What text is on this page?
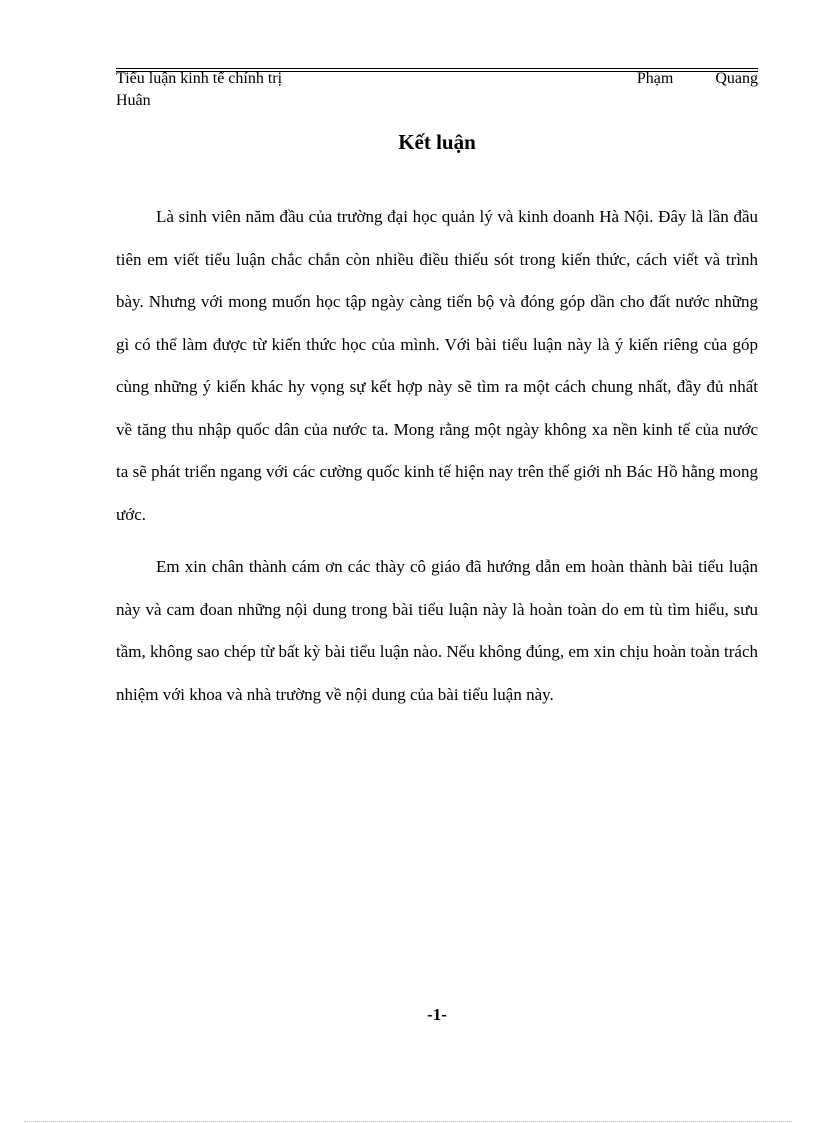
Tiểu luận kinh tế chính trị	Phạm Quang
Huân
Kết luận

Là sinh viên năm đầu của trường đại học quản lý và kinh doanh Hà Nội. Đây là lần đầu tiên em viết tiểu luận chắc chắn còn nhiều điều thiếu sót trong kiến thức, cách viết và trình bày. Nhưng với mong muốn học tập ngày càng tiến bộ và đóng góp dần cho đất nước những gì có thể làm được từ kiến thức học của mình. Với bài tiểu luận này là ý kiến riêng của góp cùng những ý kiến khác hy vọng sự kết hợp này sẽ tìm ra một cách chung nhất, đầy đủ nhất về tăng thu nhập quốc dân của nước ta. Mong rằng một ngày không xa nền kinh tế của nước ta sẽ phát triển ngang với các cường quốc kinh tế hiện nay trên thế giới nh Bác Hồ hằng mong ước.

Em xin chân thành cám ơn các thày cô giáo đã hướng dẫn em hoàn thành bài tiểu luận này và cam đoan những nội dung trong bài tiểu luận này là hoàn toàn do em tù tìm hiểu, sưu tầm, không sao chép từ bất kỳ bài tiểu luận nào. Nếu không đúng, em xin chịu hoàn toàn trách nhiệm với khoa và nhà trường về nội dung của bài tiểu luận này.

-1-
